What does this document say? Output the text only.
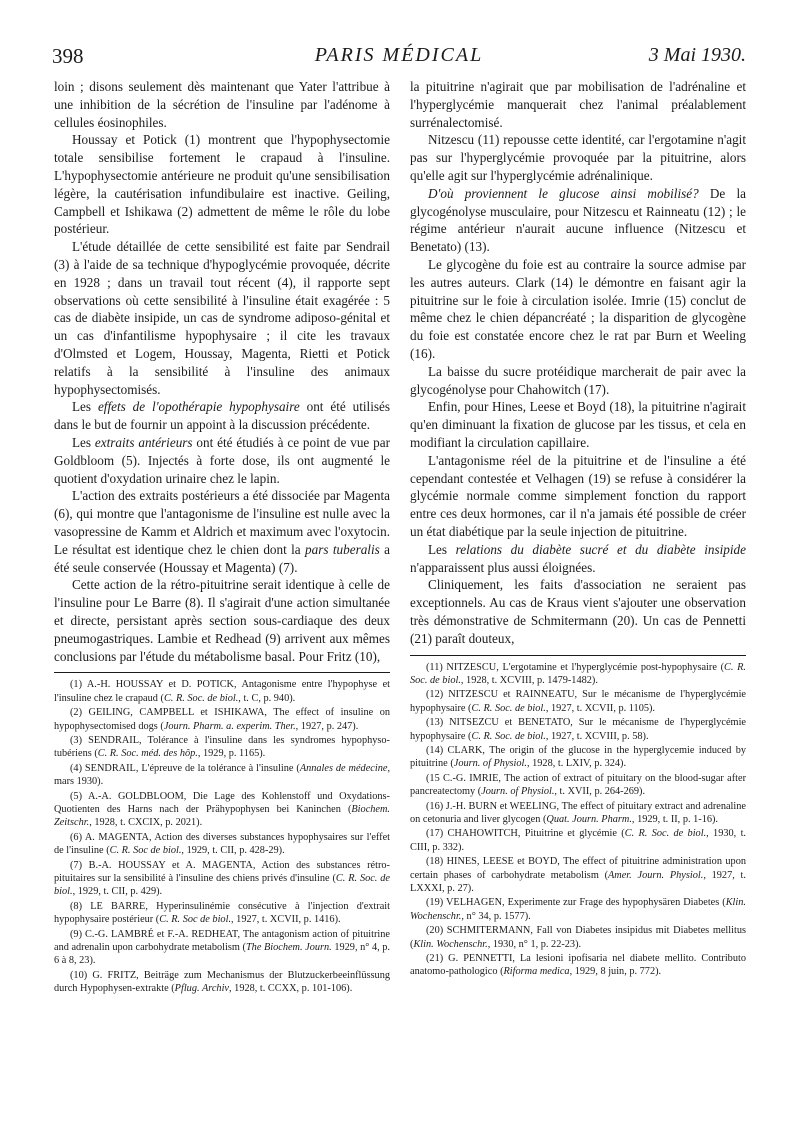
398	PARIS MÉDICAL	3 Mai 1930.

loin ; disons seulement dès maintenant que Yater l'attribue à une inhibition de la sécrétion de l'insuline par l'adénome à cellules éosinophiles.

Houssay et Potick (1) montrent que l'hypophysectomie totale sensibilise fortement le crapaud à l'insuline. L'hypophysectomie antérieure ne produit qu'une sensibilisation légère, la cautérisation infundibulaire est inactive. Geiling, Campbell et Ishikawa (2) admettent de même le rôle du lobe postérieur.

L'étude détaillée de cette sensibilité est faite par Sendrail (3) à l'aide de sa technique d'hypoglycémie provoquée, décrite en 1928 ; dans un travail tout récent (4), il rapporte sept observations où cette sensibilité à l'insuline était exagérée : 5 cas de diabète insipide, un cas de syndrome adiposo-génital et un cas d'infantilisme hypophysaire ; il cite les travaux d'Olmsted et Logem, Houssay, Magenta, Rietti et Potick relatifs à la sensibilité à l'insuline des animaux hypophysectomisés.

Les effets de l'opothérapie hypophysaire ont été utilisés dans le but de fournir un appoint à la discussion précédente.

Les extraits antérieurs ont été étudiés à ce point de vue par Goldbloom (5). Injectés à forte dose, ils ont augmenté le quotient d'oxydation urinaire chez le lapin.

L'action des extraits postérieurs a été dissociée par Magenta (6), qui montre que l'antagonisme de l'insuline est nulle avec la vasopressine de Kamm et Aldrich et maximum avec l'oxytocin. Le résultat est identique chez le chien dont la pars tuberalis a été seule conservée (Houssay et Magenta) (7).

Cette action de la rétro-pituitrine serait identique à celle de l'insuline pour Le Barre (8). Il s'agirait d'une action simultanée et directe, persistant après section sous-cardiaque des deux pneumogastriques. Lambie et Redhead (9) arrivent aux mêmes conclusions par l'étude du métabolisme basal. Pour Fritz (10),

(1) A.-H. HOUSSAY et D. POTICK, Antagonisme entre l'hypophyse et l'insuline chez le crapaud (C. R. Soc. de biol., t. C, p. 940).

(2) GEILING, CAMPBELL et ISHIKAWA, The effect of insuline on hypophysectomised dogs (Journ. Pharm. a. experim. Ther., 1927, p. 247).

(3) SENDRAIL, Tolérance à l'insuline dans les syndromes hypophyso-tubériens (C. R. Soc. méd. des hôp., 1929, p. 1165).

(4) SENDRAIL, L'épreuve de la tolérance à l'insuline (Annales de médecine, mars 1930).

(5) A.-A. GOLDBLOOM, Die Lage des Kohlenstoff und Oxydations-Quotienten des Harns nach der Prähypophysen bei Kaninchen (Biochem. Zeitschr., 1928, t. CXCIX, p. 2021).

(6) A. MAGENTA, Action des diverses substances hypophysaires sur l'effet de l'insuline (C. R. Soc de biol., 1929, t. CII, p. 428-29).

(7) B.-A. HOUSSAY et A. MAGENTA, Action des substances rétro-pituitaires sur la sensibilité à l'insuline des chiens privés d'insuline (C. R. Soc. de biol., 1929, t. CII, p. 429).

(8) LE BARRE, Hyperinsulinémie consécutive à l'injection d'extrait hypophysaire postérieur (C. R. Soc de biol., 1927, t. XCVII, p. 1416).

(9) C.-G. LAMBRÉ et F.-A. REDHEAT, The antagonism action of pituitrine and adrenalin upon carbohydrate metabolism (The Biochem. Journ. 1929, n° 4, p. 6 à 8, 23).

(10) G. FRITZ, Beiträge zum Mechanismus der Blutzuckerbeeinflüssung durch Hypophysen-extrakte (Pflug. Archiv, 1928, t. CCXX, p. 101-106).

la pituitrine n'agirait que par mobilisation de l'adrénaline et l'hyperglycémie manquerait chez l'animal préalablement surrénalectomisé.

Nitzescu (11) repousse cette identité, car l'ergotamine n'agit pas sur l'hyperglycémie provoquée par la pituitrine, alors qu'elle agit sur l'hyperglycémie adrénalinique.

D'où proviennent le glucose ainsi mobilisé? De la glycogénolyse musculaire, pour Nitzescu et Rainneatu (12) ; le régime antérieur n'aurait aucune influence (Nitzescu et Benetato) (13).

Le glycogène du foie est au contraire la source admise par les autres auteurs. Clark (14) le démontre en faisant agir la pituitrine sur le foie à circulation isolée. Imrie (15) conclut de même chez le chien dépancréaté ; la disparition de glycogène du foie est constatée encore chez le rat par Burn et Weeling (16).

La baisse du sucre protéidique marcherait de pair avec la glycogénolyse pour Chahowitch (17).

Enfin, pour Hines, Leese et Boyd (18), la pituitrine n'agirait qu'en diminuant la fixation de glucose par les tissus, et cela en modifiant la circulation capillaire.

L'antagonisme réel de la pituitrine et de l'insuline a été cependant contestée et Velhagen (19) se refuse à considérer la glycémie normale comme simplement fonction du rapport entre ces deux hormones, car il n'a jamais été possible de créer un état diabétique par la seule injection de pituitrine.

Les relations du diabète sucré et du diabète insipide n'apparaissent plus aussi éloignées.

Cliniquement, les faits d'association ne seraient pas exceptionnels. Au cas de Kraus vient s'ajouter une observation très démonstrative de Schmitermann (20). Un cas de Pennetti (21) paraît douteux,

(11) NITZESCU, L'ergotamine et l'hyperglycémie post-hypophysaire (C. R. Soc. de biol., 1928, t. XCVIII, p. 1479-1482).

(12) NITZESCU et RAINNEATU, Sur le mécanisme de l'hyperglycémie hypophysaire (C. R. Soc. de biol., 1927, t. XCVII, p. 1105).

(13) NITSEZCU et BENETATO, Sur le mécanisme de l'hyperglycémie hypophysaire (C. R. Soc. de biol., 1927, t. XCVIII, p. 58).

(14) CLARK, The origin of the glucose in the hyperglycemie induced by pituitrine (Journ. of Physiol., 1928, t. LXIV, p. 324).

(15 C.-G. IMRIE, The action of extract of pituitary on the blood-sugar after pancreatectomy (Journ. of Physiol., t. XVII, p. 264-269).

(16) J.-H. BURN et WEELING, The effect of pituitary extract and adrenaline on cetonuria and liver glycogen (Quat. Journ. Pharm., 1929, t. II, p. 1-16).

(17) CHAHOWITCH, Pituitrine et glycémie (C. R. Soc. de biol., 1930, t. CIII, p. 332).

(18) HINES, LEESE et BOYD, The effect of pituitrine administration upon certain phases of carbohydrate metabolism (Amer. Journ. Physiol., 1927, t. LXXXI, p. 27).

(19) VELHAGEN, Experimente zur Frage des hypophysären Diabetes (Klin. Wochenschr., n° 34, p. 1577).

(20) SCHMITERMANN, Fall von Diabetes insipidus mit Diabetes mellitus (Klin. Wochenschr., 1930, n° 1, p. 22-23).

(21) G. PENNETTI, La lesioni ipofisaria nel diabete mellito. Contributo anatomo-pathologico (Riforma medica, 1929, 8 juin, p. 772).
